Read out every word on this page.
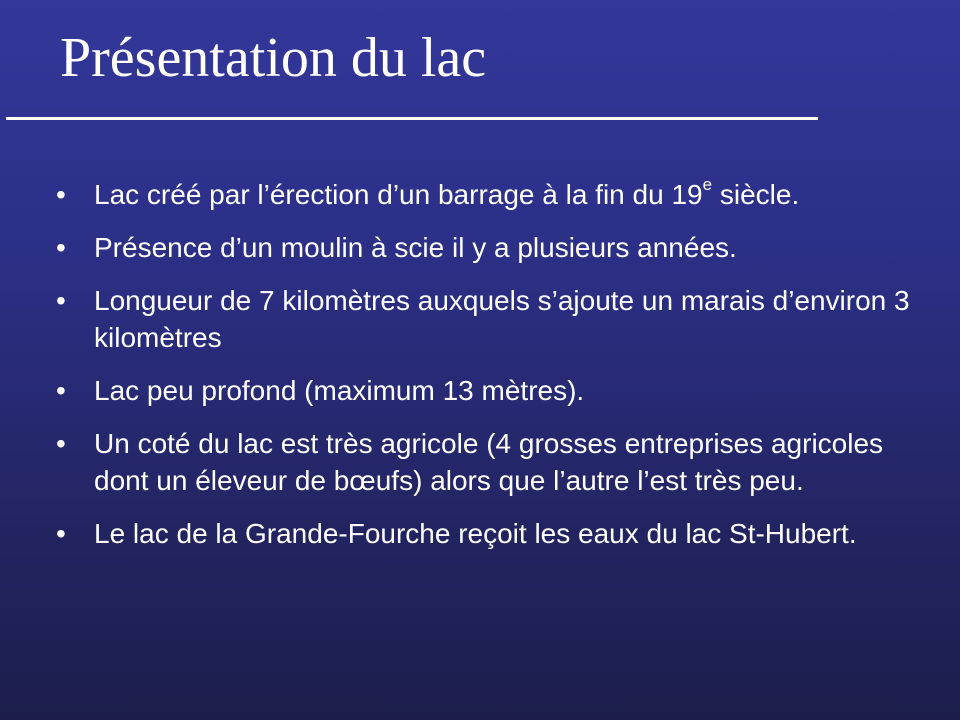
Présentation du lac
• Lac créé par l’érection d’un barrage à la fin du 19e siècle.
• Présence d’un moulin à scie il y a plusieurs années.
• Longueur de 7 kilomètres auxquels s’ajoute un marais d’environ 3 kilomètres
• Lac peu profond (maximum 13 mètres).
• Un coté du lac est très agricole (4 grosses entreprises agricoles dont un éleveur de bœufs) alors que l’autre l’est très peu.
• Le lac de la Grande-Fourche reçoit les eaux du lac St-Hubert.
